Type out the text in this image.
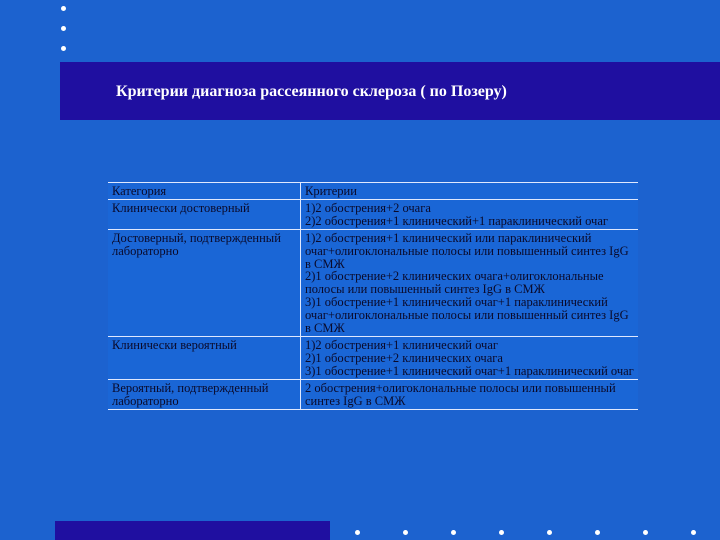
Критерии диагноза рассеянного склероза ( по Позеру)
Категория	Критерии
Клинически достоверный	1)2 обострения+2 очага
2)2 обострения+1 клинический+1 параклинический очаг

Достоверный, подтвержденный лабораторно	1)2 обострения+1 клинический или параклинический очаг+олигоклональные полосы или повышенный синтез IgG в СМЖ
2)1 обострение+2 клинических очага+олигоклональные полосы или повышенный синтез IgG в СМЖ
3)1 обострение+1 клинический очаг+1 параклинический очаг+олигоклональные полосы или повышенный синтез IgG в СМЖ

Клинически вероятный	1)2 обострения+1 клинический очаг
2)1 обострение+2 клинических очага
3)1 обострение+1 клинический очаг+1 параклинический очаг

Вероятный, подтвержденный лабораторно	2 обострения+олигоклональные полосы или повышенный синтез IgG в СМЖ
